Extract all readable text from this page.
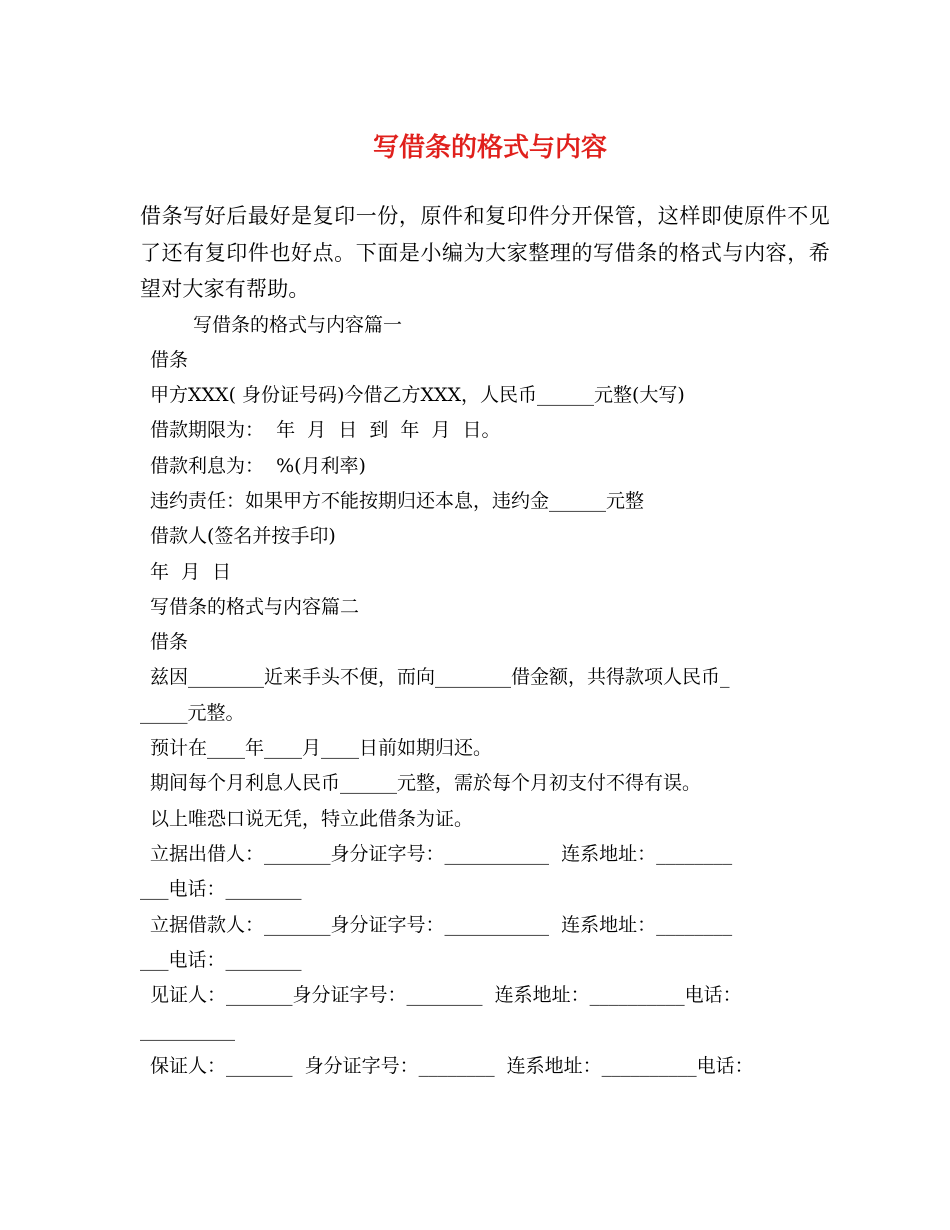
写借条的格式与内容

借条写好后最好是复印一份，原件和复印件分开保管，这样即使原件不见了还有复印件也好点。下面是小编为大家整理的写借条的格式与内容，希望对大家有帮助。

写借条的格式与内容篇一
借条
甲方XXX( 身份证号码)今借乙方XXX，人民币______元整(大写)
借款期限为：  年  月  日  到  年  月  日。
借款利息为：  %(月利率)
违约责任：如果甲方不能按期归还本息，违约金______元整
借款人(签名并按手印)
年  月  日
写借条的格式与内容篇二
借条
兹因________近来手头不便，而向________借金额，共得款项人民币_
_____元整。
预计在____年____月____日前如期归还。
期间每个月利息人民币______元整，需於每个月初支付不得有误。
以上唯恐口说无凭，特立此借条为证。
立据出借人：_______身分证字号：___________  连系地址：________
___电话：________
立据借款人：_______身分证字号：___________  连系地址：________
___电话：________
见证人：_______身分证字号：________  连系地址：__________电话：
__________
保证人：_______  身分证字号：________  连系地址：__________电话：
